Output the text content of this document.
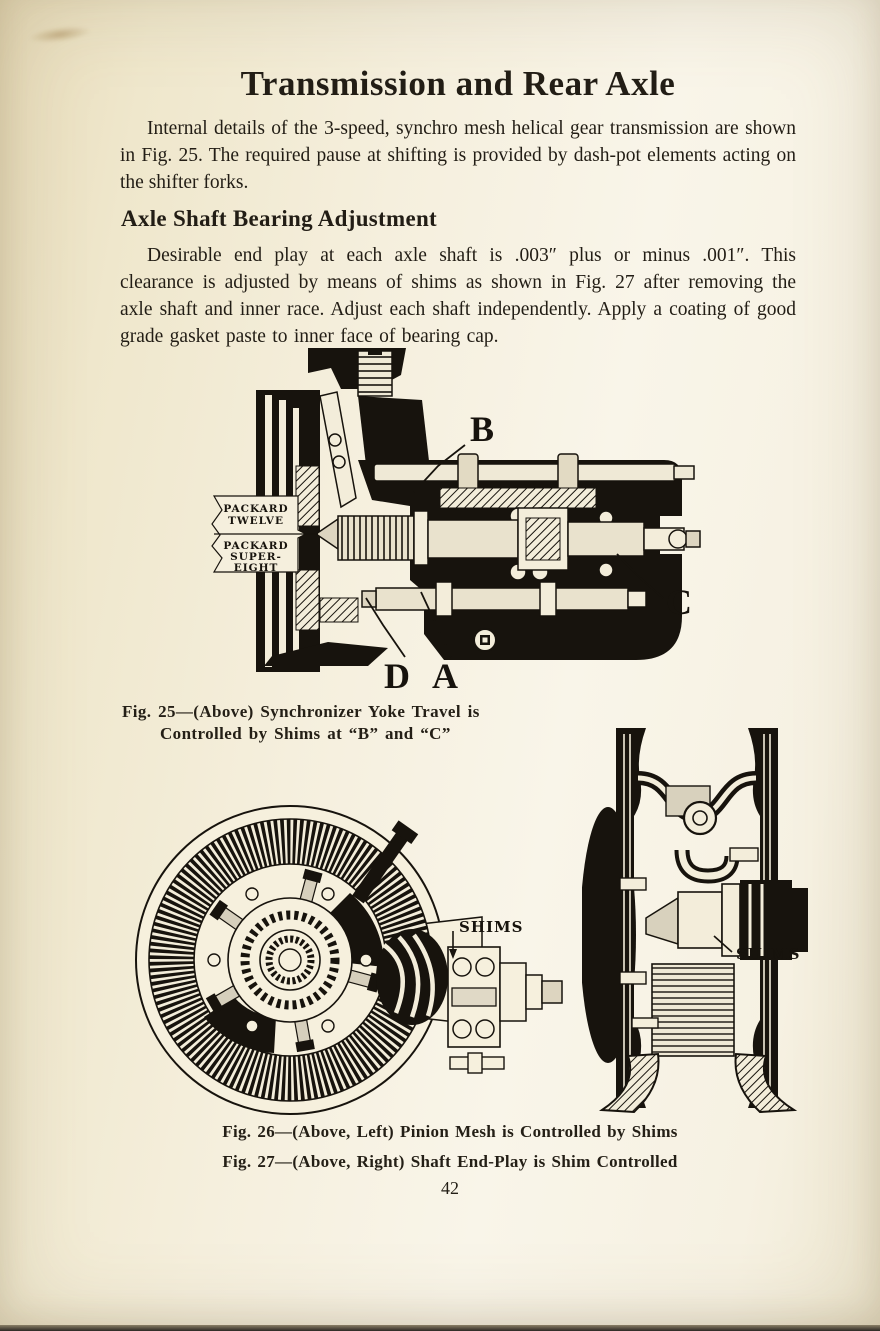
Transmission and Rear Axle
Internal details of the 3-speed, synchro mesh helical gear transmission are shown in Fig. 25. The required pause at shifting is provided by dash-pot elements acting on the shifter forks.
Axle Shaft Bearing Adjustment
Desirable end play at each axle shaft is .003″ plus or minus .001″. This clearance is adjusted by means of shims as shown in Fig. 27 after removing the axle shaft and inner race. Adjust each shaft independently. Apply a coating of good grade gasket paste to inner face of bearing cap.
B
C
D A
PACKARD
TWELVE
PACKARD
SUPER-
EIGHT
Fig. 25—(Above) Synchronizer Yoke Travel is
Controlled by Shims at “B” and “C”
SHIMS
SHIMS
Fig. 26—(Above, Left) Pinion Mesh is Controlled by Shims
Fig. 27—(Above, Right) Shaft End-Play is Shim Controlled
42
